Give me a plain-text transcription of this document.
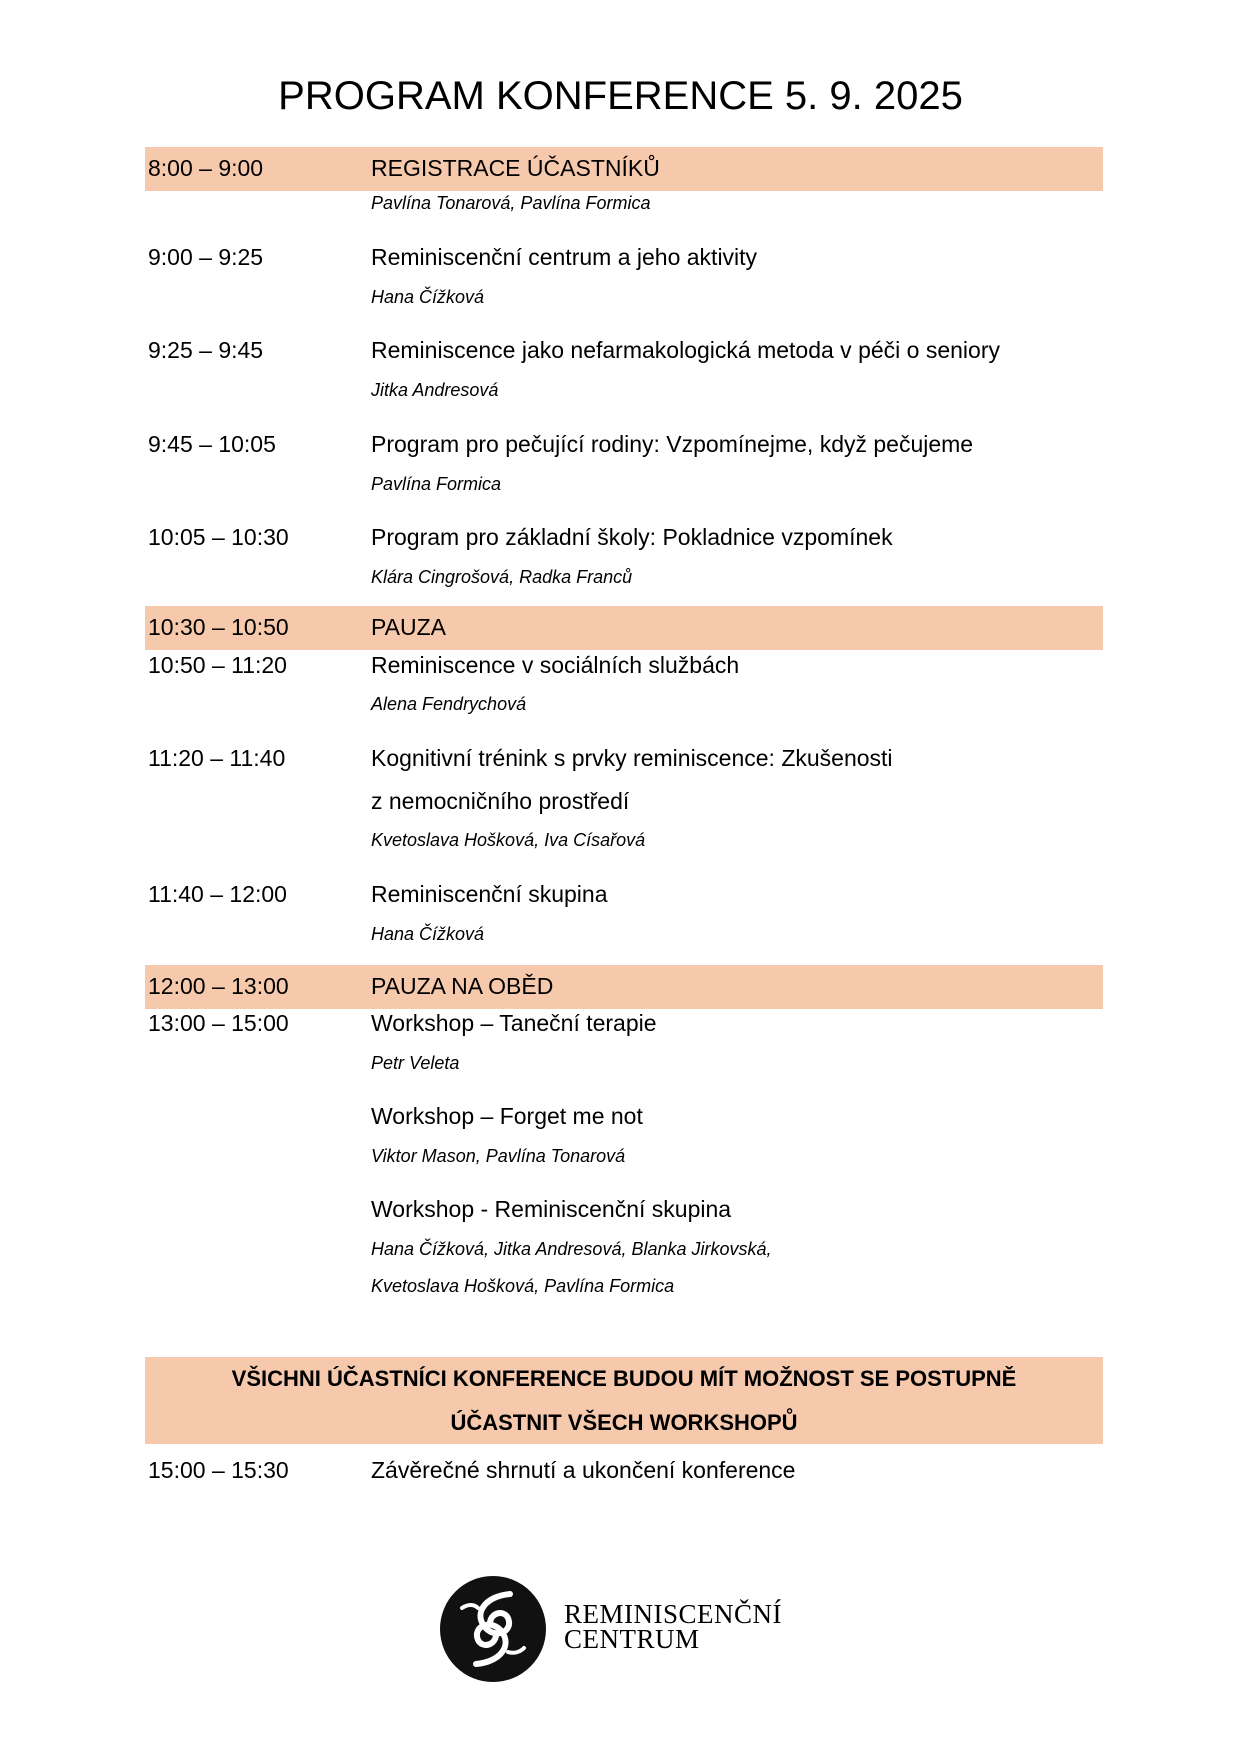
PROGRAM KONFERENCE 5. 9. 2025
8:00 – 9:00	REGISTRACE ÚČASTNÍKŮ
Pavlína Tonarová, Pavlína Formica
9:00 – 9:25	Reminiscenční centrum a jeho aktivity
Hana Čížková
9:25 – 9:45	Reminiscence jako nefarmakologická metoda v péči o seniory
Jitka Andresová
9:45 – 10:05	Program pro pečující rodiny: Vzpomínejme, když pečujeme
Pavlína Formica
10:05 – 10:30	Program pro základní školy: Pokladnice vzpomínek
Klára Cingrošová, Radka Franců
10:30 – 10:50	PAUZA
10:50 – 11:20	Reminiscence v sociálních službách
Alena Fendrychová
11:20 – 11:40	Kognitivní trénink s prvky reminiscence: Zkušenosti
z nemocničního prostředí
Kvetoslava Hošková, Iva Císařová
11:40 – 12:00	Reminiscenční skupina
Hana Čížková
12:00 – 13:00	PAUZA NA OBĚD
13:00 – 15:00	Workshop – Taneční terapie
Petr Veleta
Workshop – Forget me not
Viktor Mason, Pavlína Tonarová
Workshop - Reminiscenční skupina
Hana Čížková, Jitka Andresová, Blanka Jirkovská,
Kvetoslava Hošková, Pavlína Formica
VŠICHNI ÚČASTNÍCI KONFERENCE BUDOU MÍT MOŽNOST SE POSTUPNĚ
ÚČASTNIT VŠECH WORKSHOPŮ
15:00 – 15:30	Závěrečné shrnutí a ukončení konference
REMINISCENČNÍ
CENTRUM
